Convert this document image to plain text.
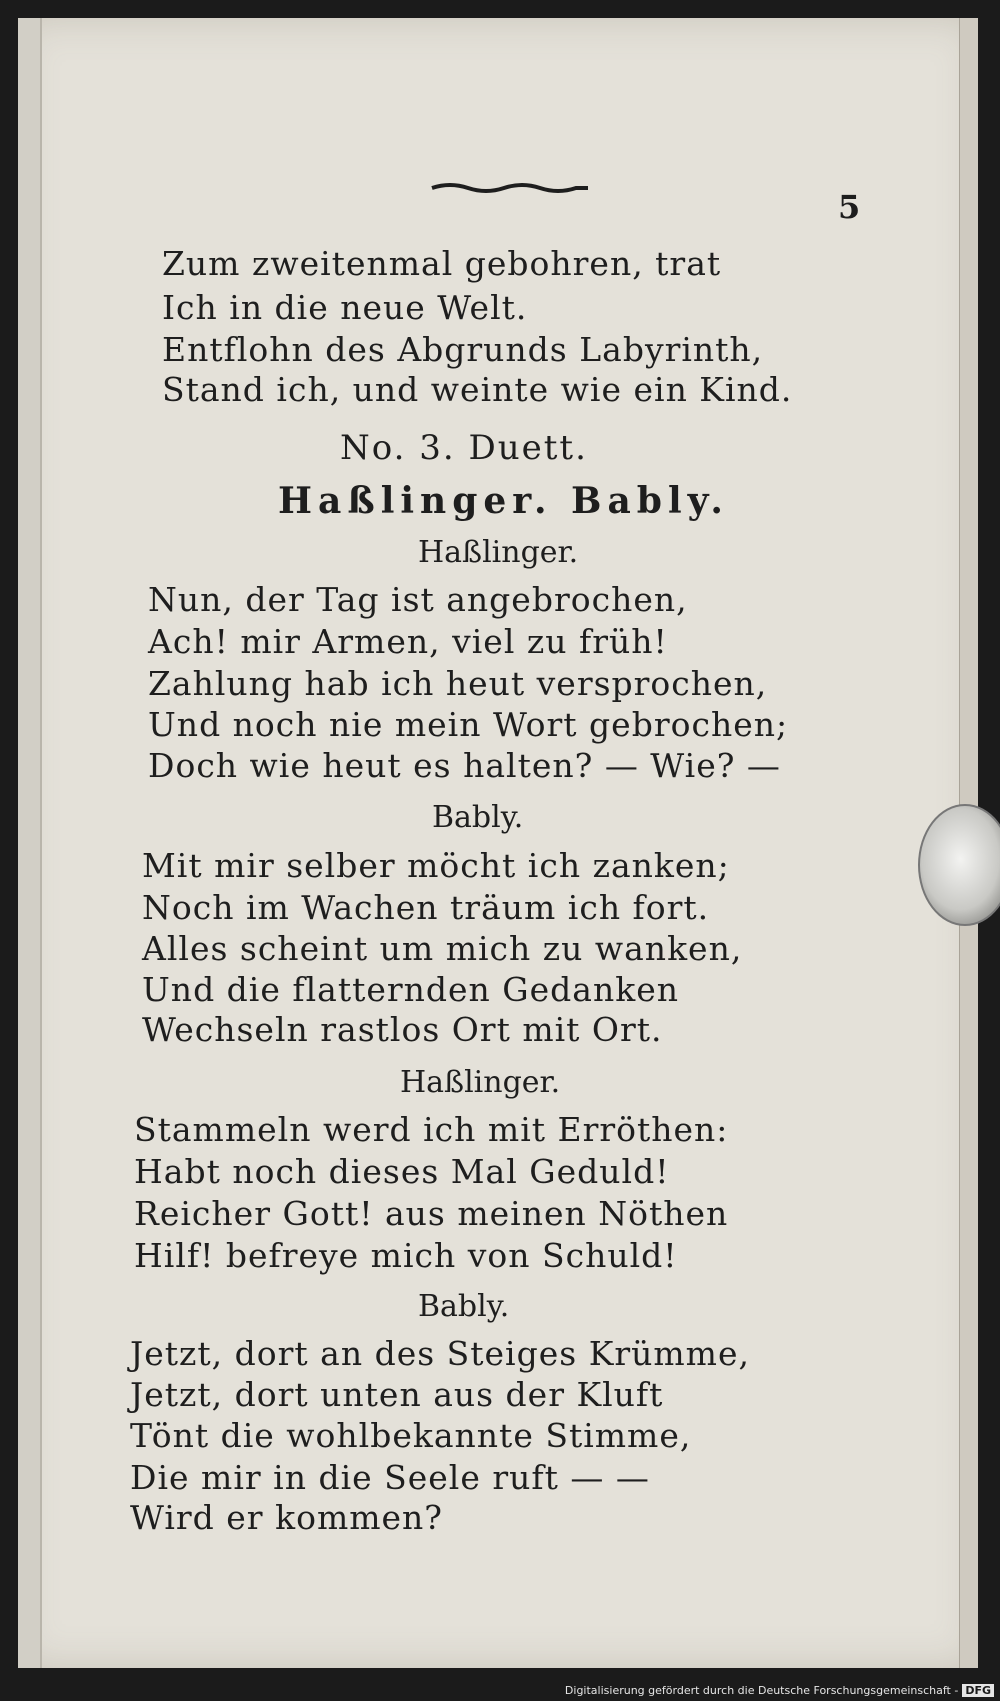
5
Zum zweitenmal gebohren, trat
Ich in die neue Welt.
Entflohn des Abgrunds Labyrinth,
Stand ich, und weinte wie ein Kind.
No. 3. Duett.
Haßlinger. Bably.
Haßlinger.
Nun, der Tag ist angebrochen,
Ach! mir Armen, viel zu früh!
Zahlung hab ich heut versprochen,
Und noch nie mein Wort gebrochen;
Doch wie heut es halten? — Wie? —
Bably.
Mit mir selber möcht ich zanken;
Noch im Wachen träum ich fort.
Alles scheint um mich zu wanken,
Und die flatternden Gedanken
Wechseln rastlos Ort mit Ort.
Haßlinger.
Stammeln werd ich mit Erröthen:
Habt noch dieses Mal Geduld!
Reicher Gott! aus meinen Nöthen
Hilf! befreye mich von Schuld!
Bably.
Jetzt, dort an des Steiges Krümme,
Jetzt, dort unten aus der Kluft
Tönt die wohlbekannte Stimme,
Die mir in die Seele ruft — —
Wird er kommen?
Digitalisierung gefördert durch die Deutsche Forschungsgemeinschaft - DFG
